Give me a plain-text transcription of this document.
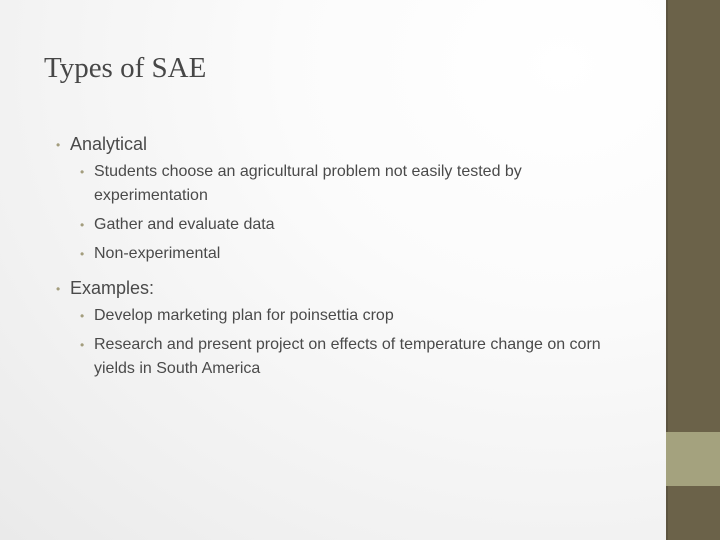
Types of SAE

• Analytical

• Students choose an agricultural problem not easily tested by experimentation

• Gather and evaluate data

• Non-experimental

• Examples:

• Develop marketing plan for poinsettia crop

• Research and present project on effects of temperature change on corn yields in South America
